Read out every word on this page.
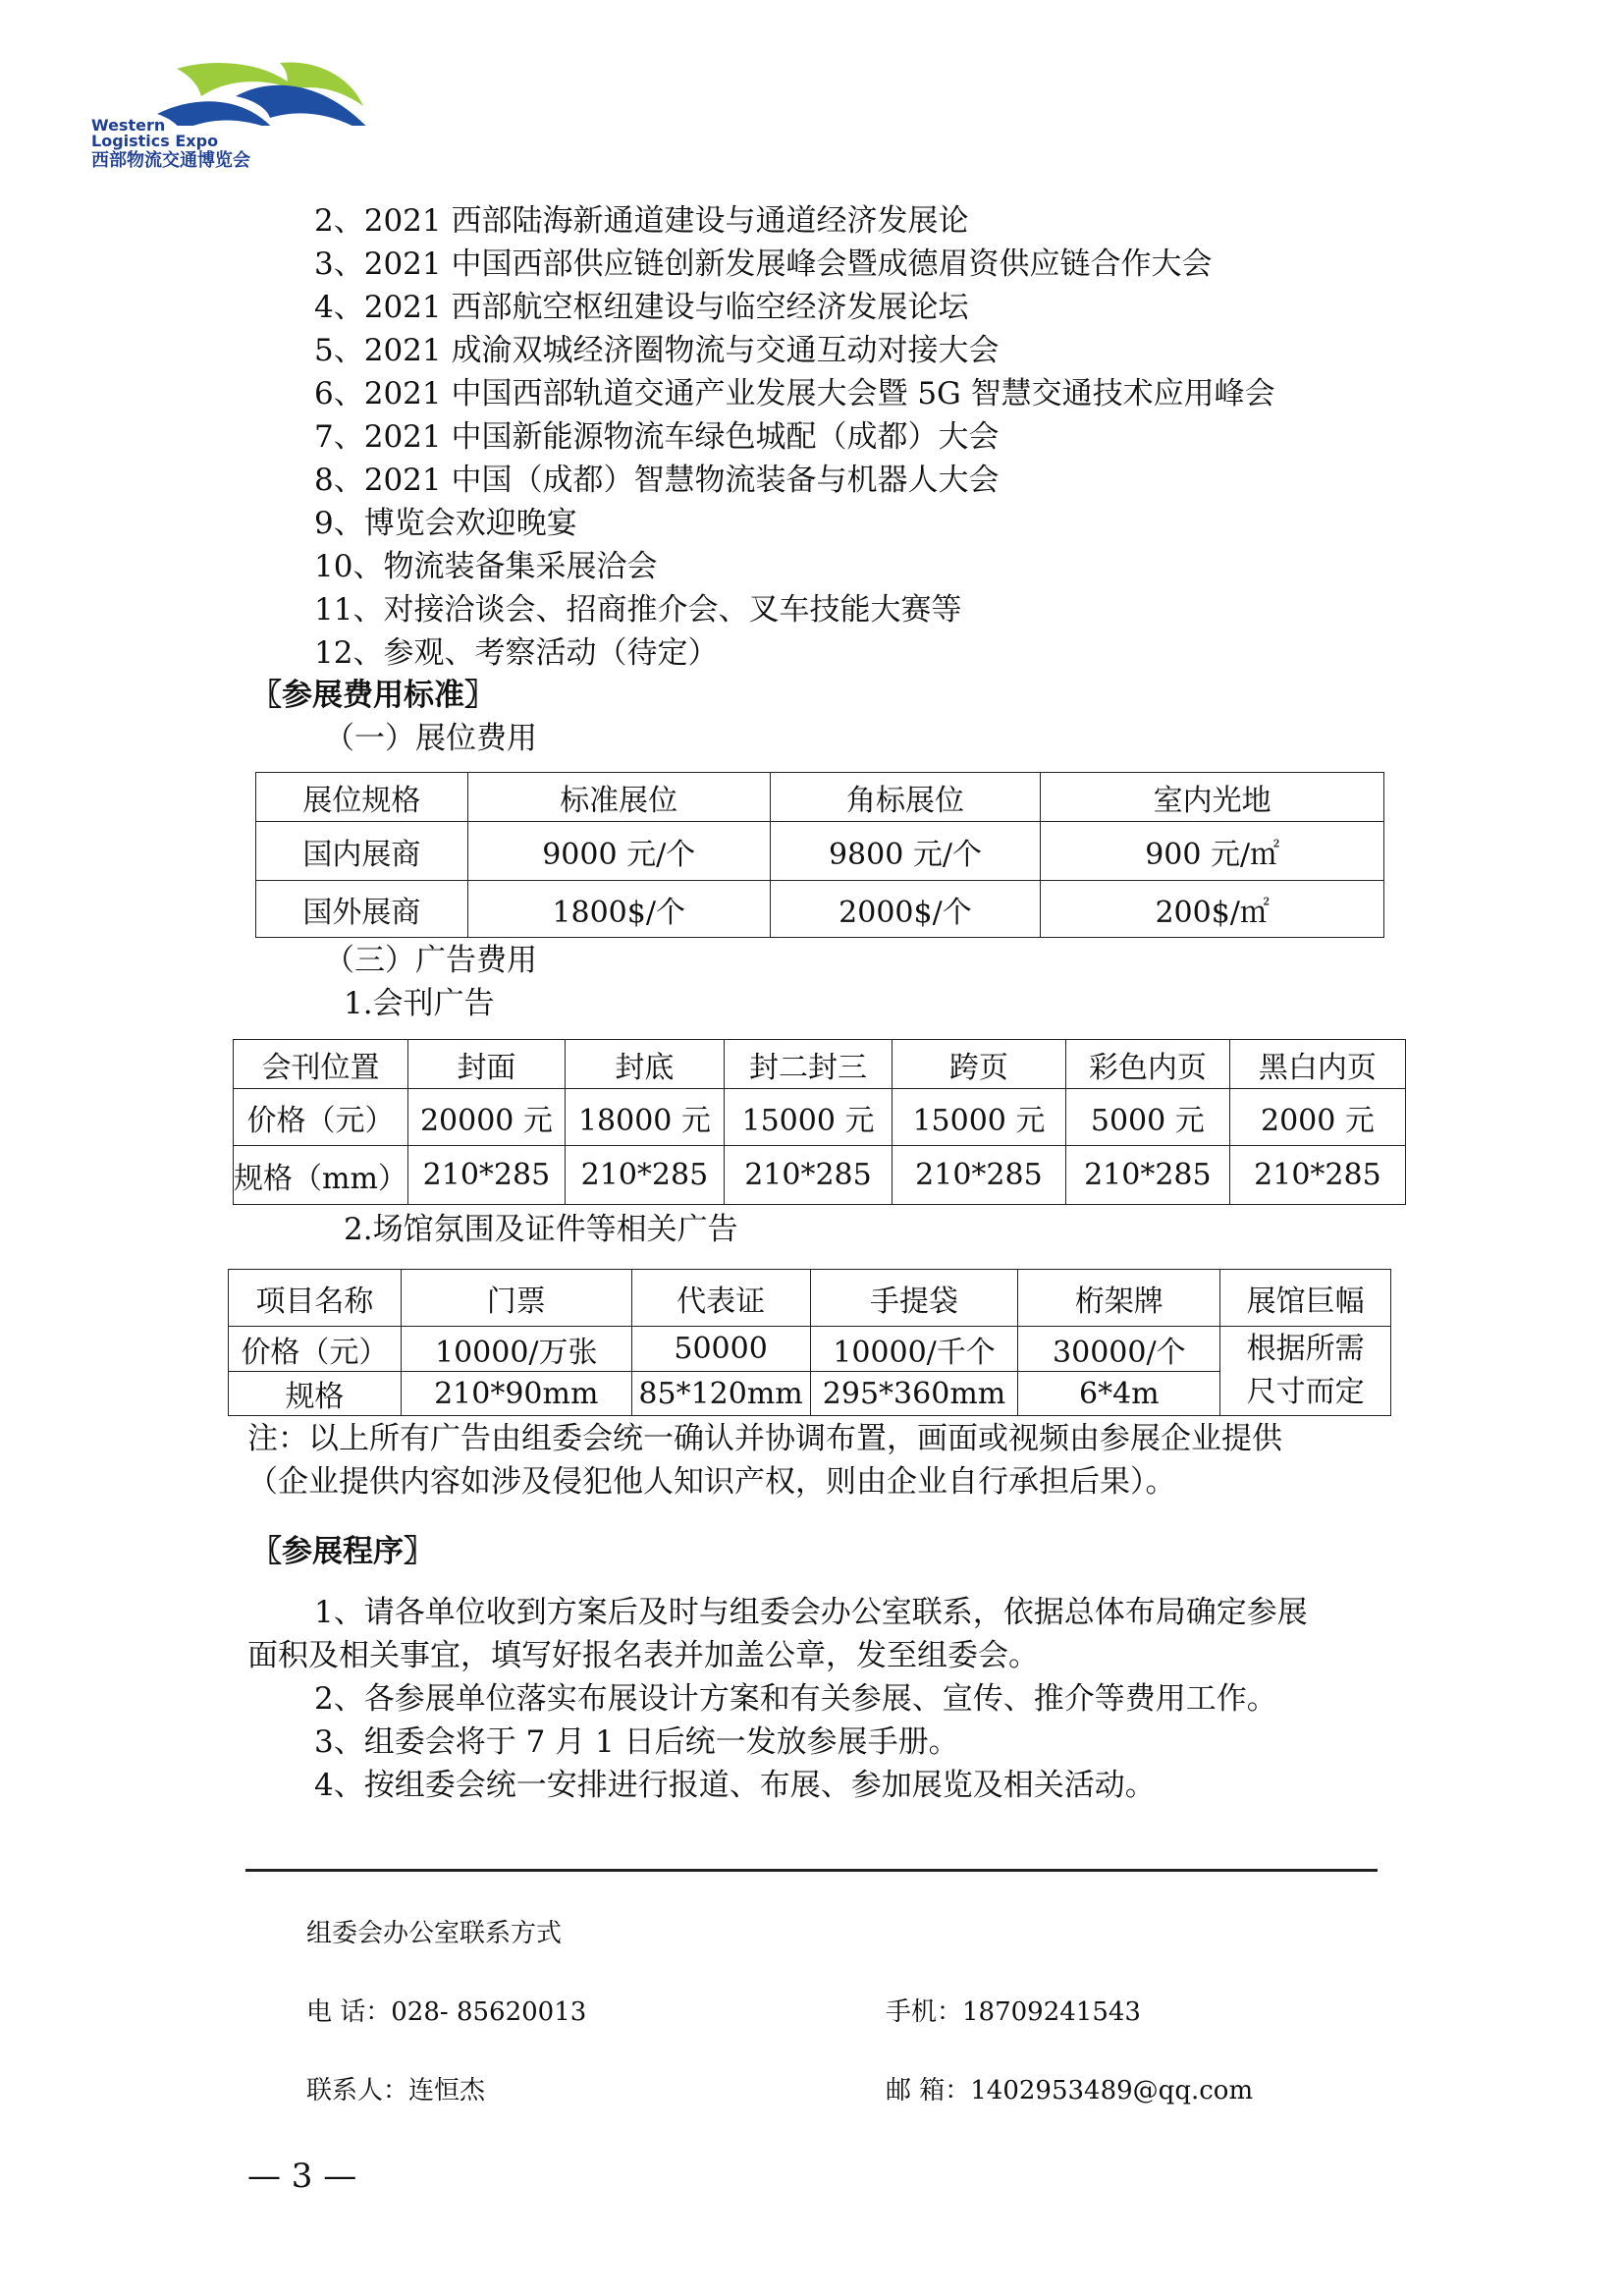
Western
Logistics Expo
西部物流交通博览会
2、2021 西部陆海新通道建设与通道经济发展论
3、2021 中国西部供应链创新发展峰会暨成德眉资供应链合作大会
4、2021 西部航空枢纽建设与临空经济发展论坛
5、2021 成渝双城经济圈物流与交通互动对接大会
6、2021 中国西部轨道交通产业发展大会暨 5G 智慧交通技术应用峰会
7、2021 中国新能源物流车绿色城配（成都）大会
8、2021 中国（成都）智慧物流装备与机器人大会
9、博览会欢迎晚宴
10、物流装备集采展洽会
11、对接洽谈会、招商推介会、叉车技能大赛等
12、参观、考察活动（待定）
〖参展费用标准〗
（一）展位费用
展位规格	标准展位	角标展位	室内光地
国内展商	9000 元/个	9800 元/个	900 元/㎡
国外展商	1800$/个	2000$/个	200$/㎡
（三）广告费用
1.会刊广告
会刊位置	封面	封底	封二封三	跨页	彩色内页	黑白内页
价格（元）	20000 元	18000 元	15000 元	15000 元	5000 元	2000 元
规格（mm）	210*285	210*285	210*285	210*285	210*285	210*285
2.场馆氛围及证件等相关广告
项目名称	门票	代表证	手提袋	桁架牌	展馆巨幅
价格（元）	10000/万张	50000	10000/千个	30000/个	根据所需
尺寸而定

规格	210*90mm	85*120mm	295*360mm	6*4m	
注：以上所有广告由组委会统一确认并协调布置，画面或视频由参展企业提供
（企业提供内容如涉及侵犯他人知识产权，则由企业自行承担后果）。
〖参展程序〗
1、请各单位收到方案后及时与组委会办公室联系，依据总体布局确定参展
面积及相关事宜，填写好报名表并加盖公章，发至组委会。
2、各参展单位落实布展设计方案和有关参展、宣传、推介等费用工作。
3、组委会将于 7 月 1 日后统一发放参展手册。
4、按组委会统一安排进行报道、布展、参加展览及相关活动。
组委会办公室联系方式
电 话：028- 85620013	手机：18709241543
联系人：连恒杰	邮 箱：1402953489@qq.com
— 3 —
